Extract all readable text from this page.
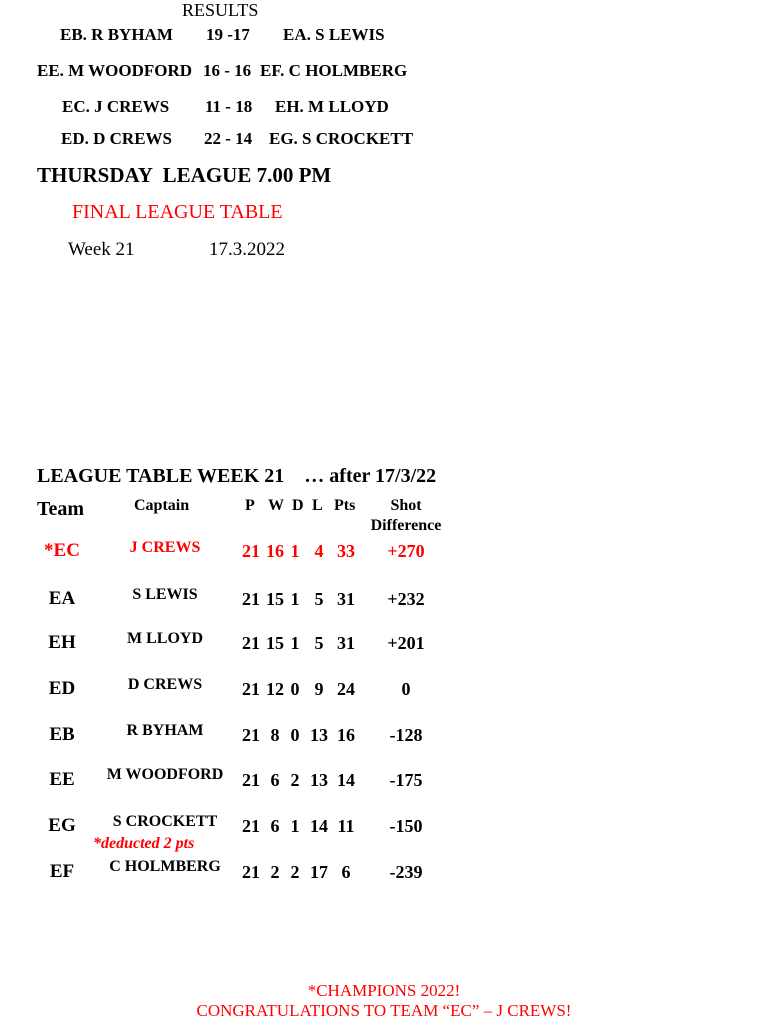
RESULTS
EB. R BYHAM 19 -17 EA. S LEWIS
EE. M WOODFORD 16 - 16 EF. C HOLMBERG
EC. J CREWS 11 - 18 EH. M LLOYD
ED. D CREWS 22 - 14 EG. S CROCKETT
THURSDAY  LEAGUE 7.00 PM
FINAL LEAGUE TABLE
Week 21	17.3.2022
LEAGUE TABLE WEEK 21    … after 17/3/22
Team	Captain	P W D L Pts	Shot
Difference
*EC	J CREWS	21 16 1 4 33	+270
EA	S LEWIS	21 15 1 5 31	+232
EH	M LLOYD	21 15 1 5 31	+201
ED	D CREWS	21 12 0 9 24	0
EB	R BYHAM	21 8 0 13 16	-128
EE	M WOODFORD	21 6 2 13 14	-175
EG	S CROCKETT	21 6 1 14 11	-150
*deducted 2 pts
EF	C HOLMBERG	21 2 2 17 6	-239
*CHAMPIONS 2022!
CONGRATULATIONS TO TEAM “EC” – J CREWS!
